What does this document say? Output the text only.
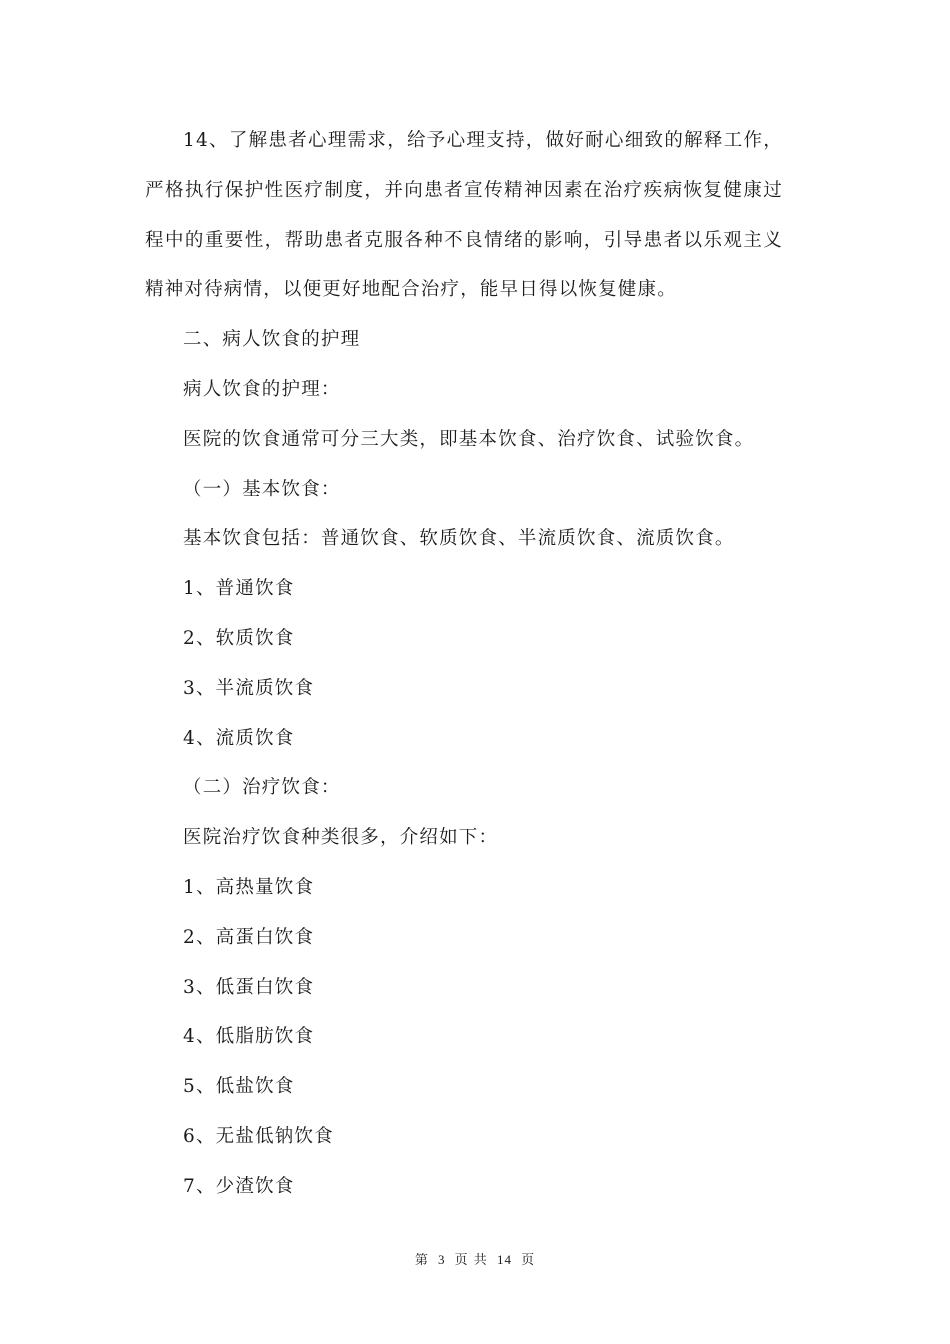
14、了解患者心理需求，给予心理支持，做好耐心细致的解释工作，严格执行保护性医疗制度，并向患者宣传精神因素在治疗疾病恢复健康过程中的重要性，帮助患者克服各种不良情绪的影响，引导患者以乐观主义精神对待病情，以便更好地配合治疗，能早日得以恢复健康。

二、病人饮食的护理

病人饮食的护理：

医院的饮食通常可分三大类，即基本饮食、治疗饮食、试验饮食。

（一）基本饮食：

基本饮食包括：普通饮食、软质饮食、半流质饮食、流质饮食。

1、普通饮食

2、软质饮食

3、半流质饮食

4、流质饮食

（二）治疗饮食：

医院治疗饮食种类很多，介绍如下：

1、高热量饮食

2、高蛋白饮食

3、低蛋白饮食

4、低脂肪饮食

5、低盐饮食

6、无盐低钠饮食

7、少渣饮食

第 3 页 共 14 页
